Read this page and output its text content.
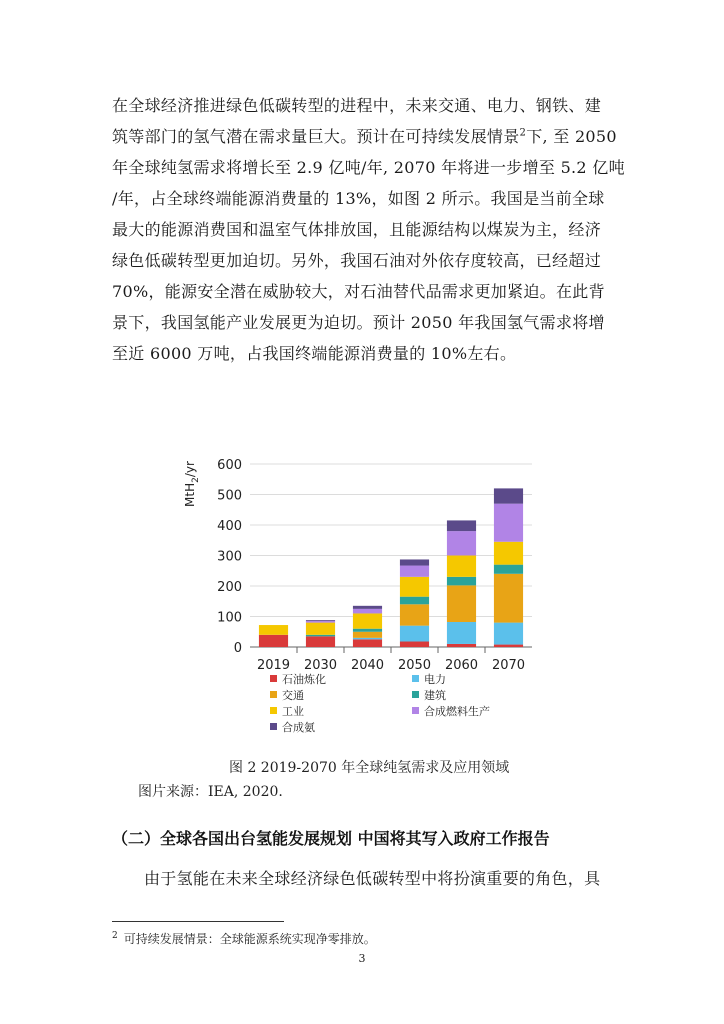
在全球经济推进绿色低碳转型的进程中，未来交通、电力、钢铁、建
筑等部门的氢气潜在需求量巨大。预计在可持续发展情景$^2$下, 至 2050
年全球纯氢需求将增长至 2.9 亿吨/年, 2070 年将进一步增至 5.2 亿吨
/年，占全球终端能源消费量的 13%，如图 2 所示。我国是当前全球
最大的能源消费国和温室气体排放国，且能源结构以煤炭为主，经济
绿色低碳转型更加迫切。另外，我国石油对外依存度较高，已经超过
70%，能源安全潜在威胁较大，对石油替代品需求更加紧迫。在此背
景下，我国氢能产业发展更为迫切。预计 2050 年我国氢气需求将增
至近 6000 万吨，占我国终端能源消费量的 10%左右。
0
100
200
300
400
500
600
2019 2030 2040 2050 2060 2070
MtH$_2$/yr
石油炼化	电力
交通	建筑
工业	合成燃料生产
合成氨
图 2 2019-2070 年全球纯氢需求及应用领域
图片来源：IEA, 2020.
（二）全球各国出台氢能发展规划 中国将其写入政府工作报告
由于氢能在未来全球经济绿色低碳转型中将扮演重要的角色，具
$^2$ 可持续发展情景：全球能源系统实现净零排放。
3
